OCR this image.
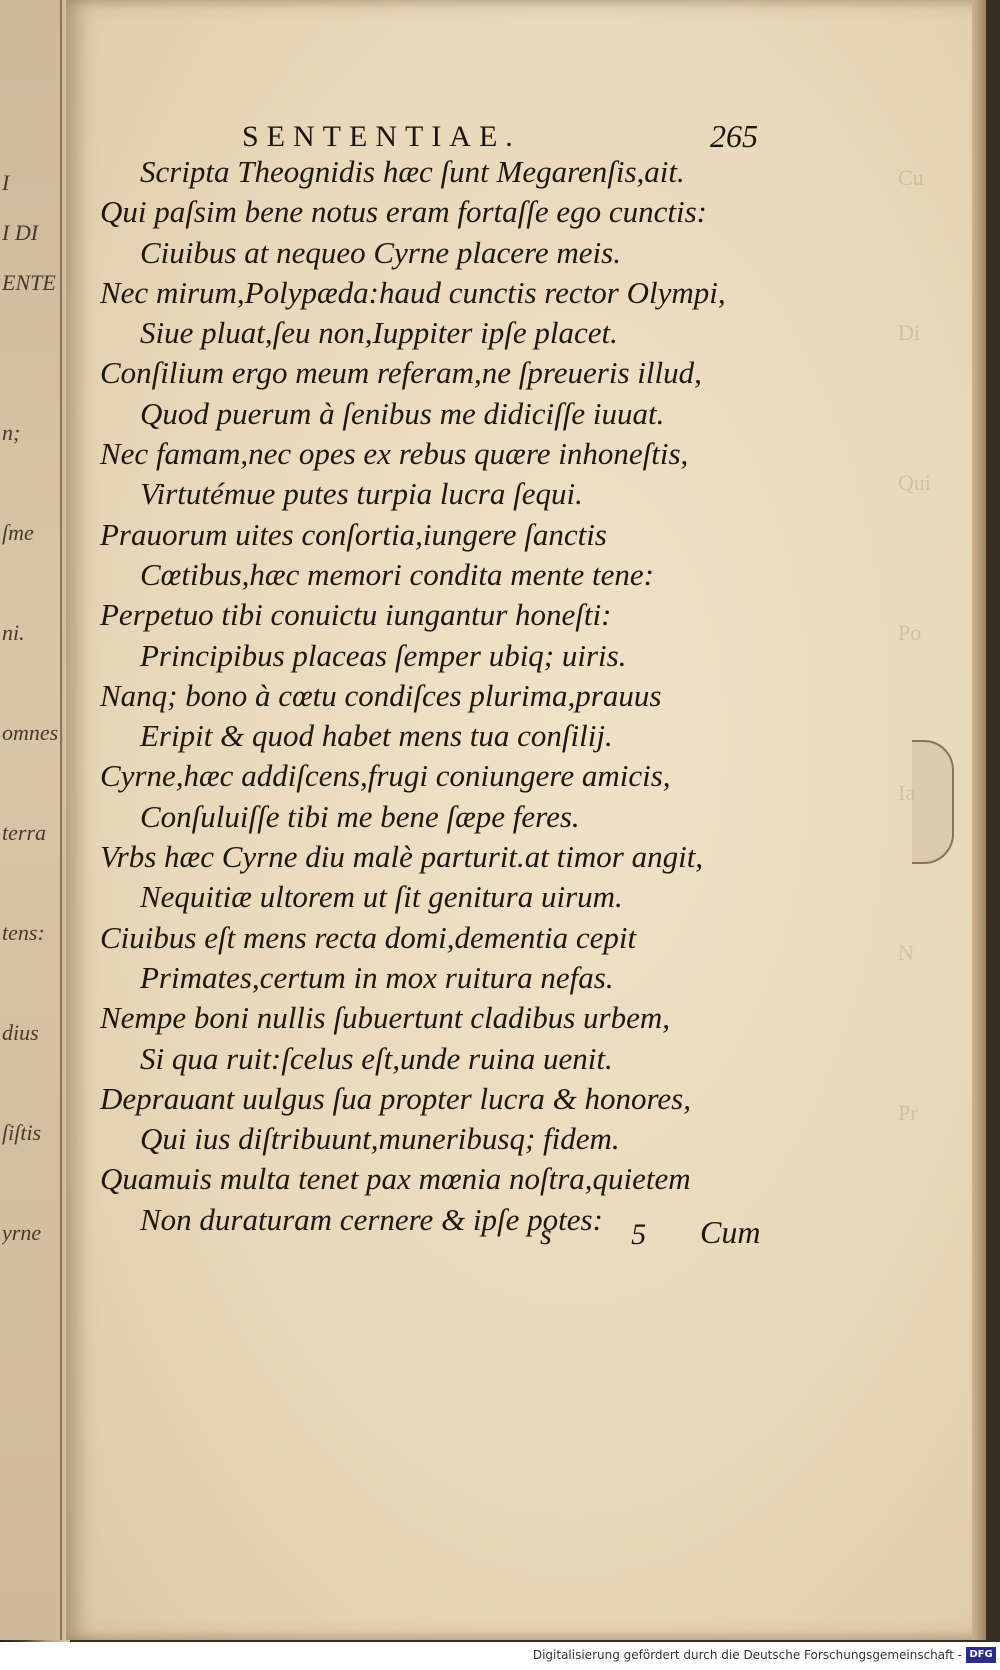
I
I DI
ENTE
n;
ſme
ni.
omnes
terra
tens:
dius
ſiſtis
yrne
Cu
Di
Qui
Po
Ia
N
Pr
SENTENTIAE.	265
Scripta Theognidis hæc ſunt Megarenſis,ait.
Qui paſsim bene notus eram fortaſſe ego cunctis:
Ciuibus at nequeo Cyrne placere meis.
Nec mirum,Polypæda:haud cunctis rector Olympi,
Siue pluat,ſeu non,Iuppiter ipſe placet.
Conſilium ergo meum referam,ne ſpreueris illud,
Quod puerum à ſenibus me didiciſſe iuuat.
Nec famam,nec opes ex rebus quære inhoneſtis,
Virtutémue putes turpia lucra ſequi.
Prauorum uites conſortia,iungere ſanctis
Cœtibus,hæc memori condita mente tene:
Perpetuo tibi conuictu iungantur honeſti:
Principibus placeas ſemper ubiq; uiris.
Nanq; bono à cœtu condiſces plurima,prauus
Eripit & quod habet mens tua conſilij.
Cyrne,hæc addiſcens,frugi coniungere amicis,
Conſuluiſſe tibi me bene ſæpe feres.
Vrbs hæc Cyrne diu malè parturit.at timor angit,
Nequitiæ ultorem ut ſit genitura uirum.
Ciuibus eſt mens recta domi,dementia cepit
Primates,certum in mox ruitura nefas.
Nempe boni nullis ſubuertunt cladibus urbem,
Si qua ruit:ſcelus eſt,unde ruina uenit.
Deprauant uulgus ſua propter lucra & honores,
Qui ius diſtribuunt,muneribusq; fidem.
Quamuis multa tenet pax mœnia noſtra,quietem
Non duraturam cernere & ipſe potes:
s 5 Cum
Digitalisierung gefördert durch die Deutsche Forschungsgemeinschaft - DFG
